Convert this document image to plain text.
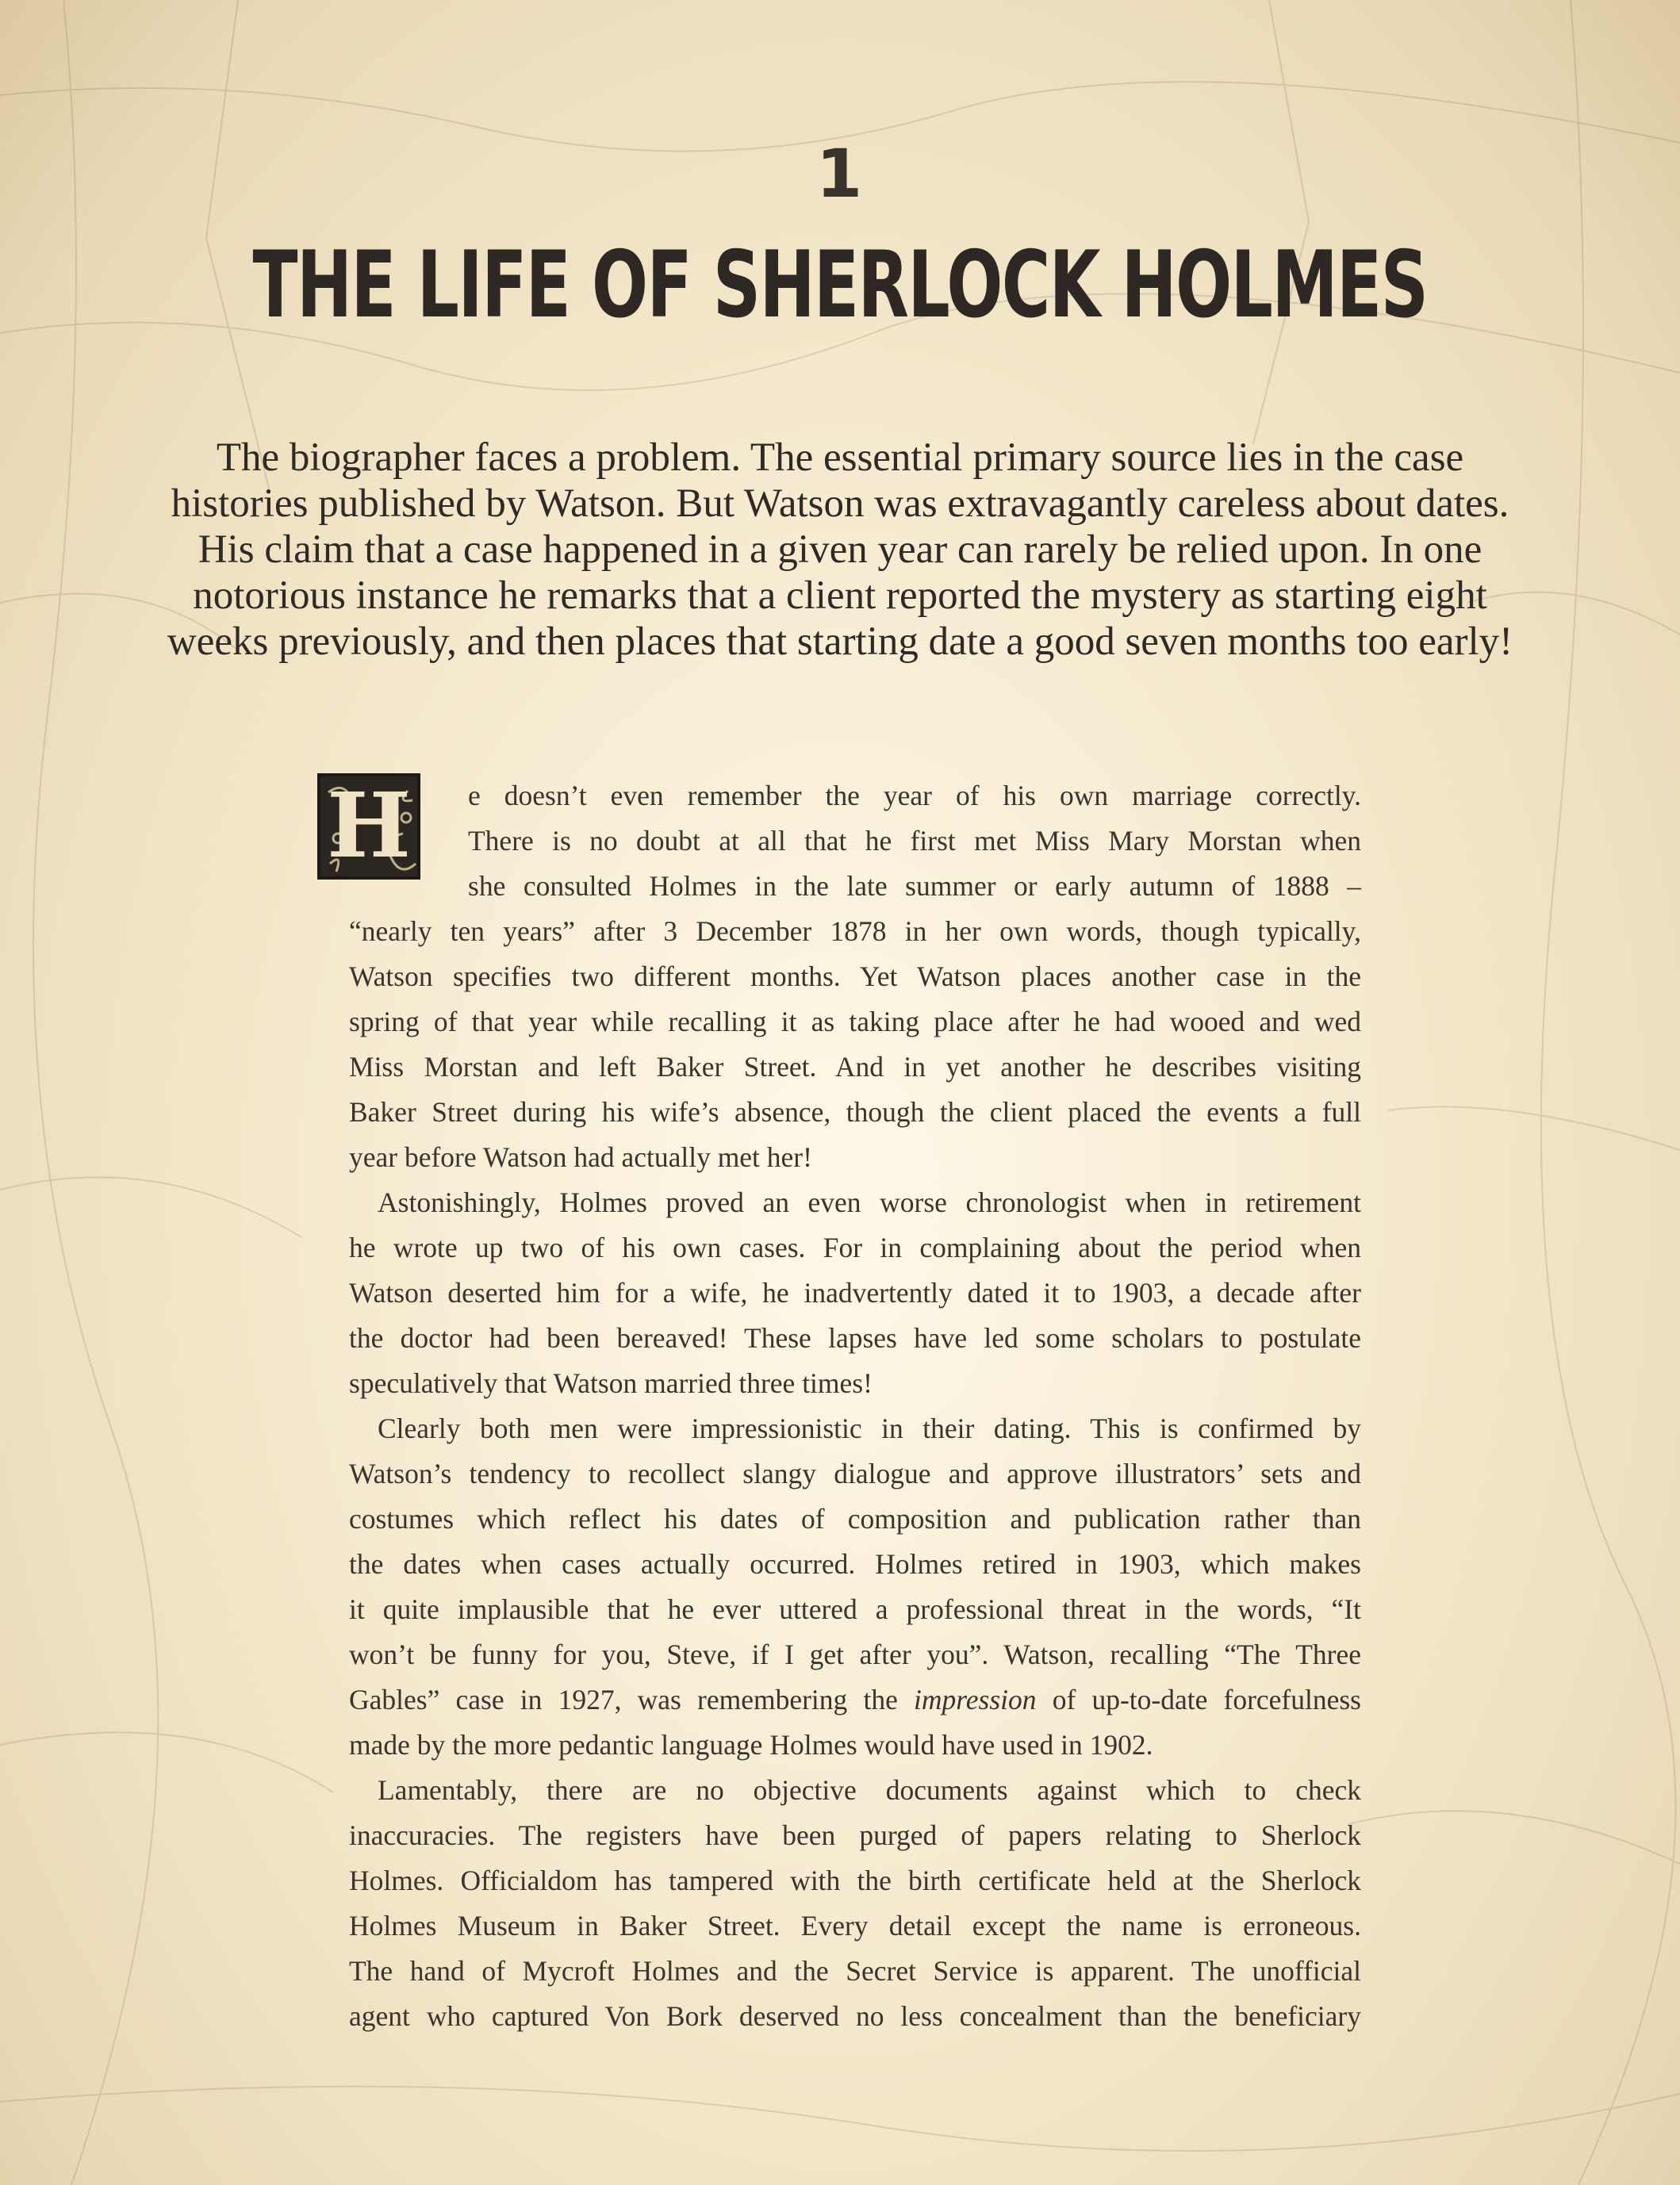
1
THE LIFE OF SHERLOCK HOLMES
The biographer faces a problem. The essential primary source lies in the case
histories published by Watson. But Watson was extravagantly careless about dates.
His claim that a case happened in a given year can rarely be relied upon. In one
notorious instance he remarks that a client reported the mystery as starting eight
weeks previously, and then places that starting date a good seven months too early!
H	e doesn’t even remember the year of his own marriage correctly.
There is no doubt at all that he first met Miss Mary Morstan when
she consulted Holmes in the late summer or early autumn of 1888 –
“nearly ten years” after 3 December 1878 in her own words, though typically,
Watson specifies two different months. Yet Watson places another case in the
spring of that year while recalling it as taking place after he had wooed and wed
Miss Morstan and left Baker Street. And in yet another he describes visiting
Baker Street during his wife’s absence, though the client placed the events a full
year before Watson had actually met her!
Astonishingly, Holmes proved an even worse chronologist when in retirement
he wrote up two of his own cases. For in complaining about the period when
Watson deserted him for a wife, he inadvertently dated it to 1903, a decade after
the doctor had been bereaved! These lapses have led some scholars to postulate
speculatively that Watson married three times!
Clearly both men were impressionistic in their dating. This is confirmed by
Watson’s tendency to recollect slangy dialogue and approve illustrators’ sets and
costumes which reflect his dates of composition and publication rather than
the dates when cases actually occurred. Holmes retired in 1903, which makes
it quite implausible that he ever uttered a professional threat in the words, “It
won’t be funny for you, Steve, if I get after you”. Watson, recalling “The Three
Gables” case in 1927, was remembering the impression of up-to-date forcefulness
made by the more pedantic language Holmes would have used in 1902.
Lamentably, there are no objective documents against which to check
inaccuracies. The registers have been purged of papers relating to Sherlock
Holmes. Officialdom has tampered with the birth certificate held at the Sherlock
Holmes Museum in Baker Street. Every detail except the name is erroneous.
The hand of Mycroft Holmes and the Secret Service is apparent. The unofficial
agent who captured Von Bork deserved no less concealment than the beneficiary
